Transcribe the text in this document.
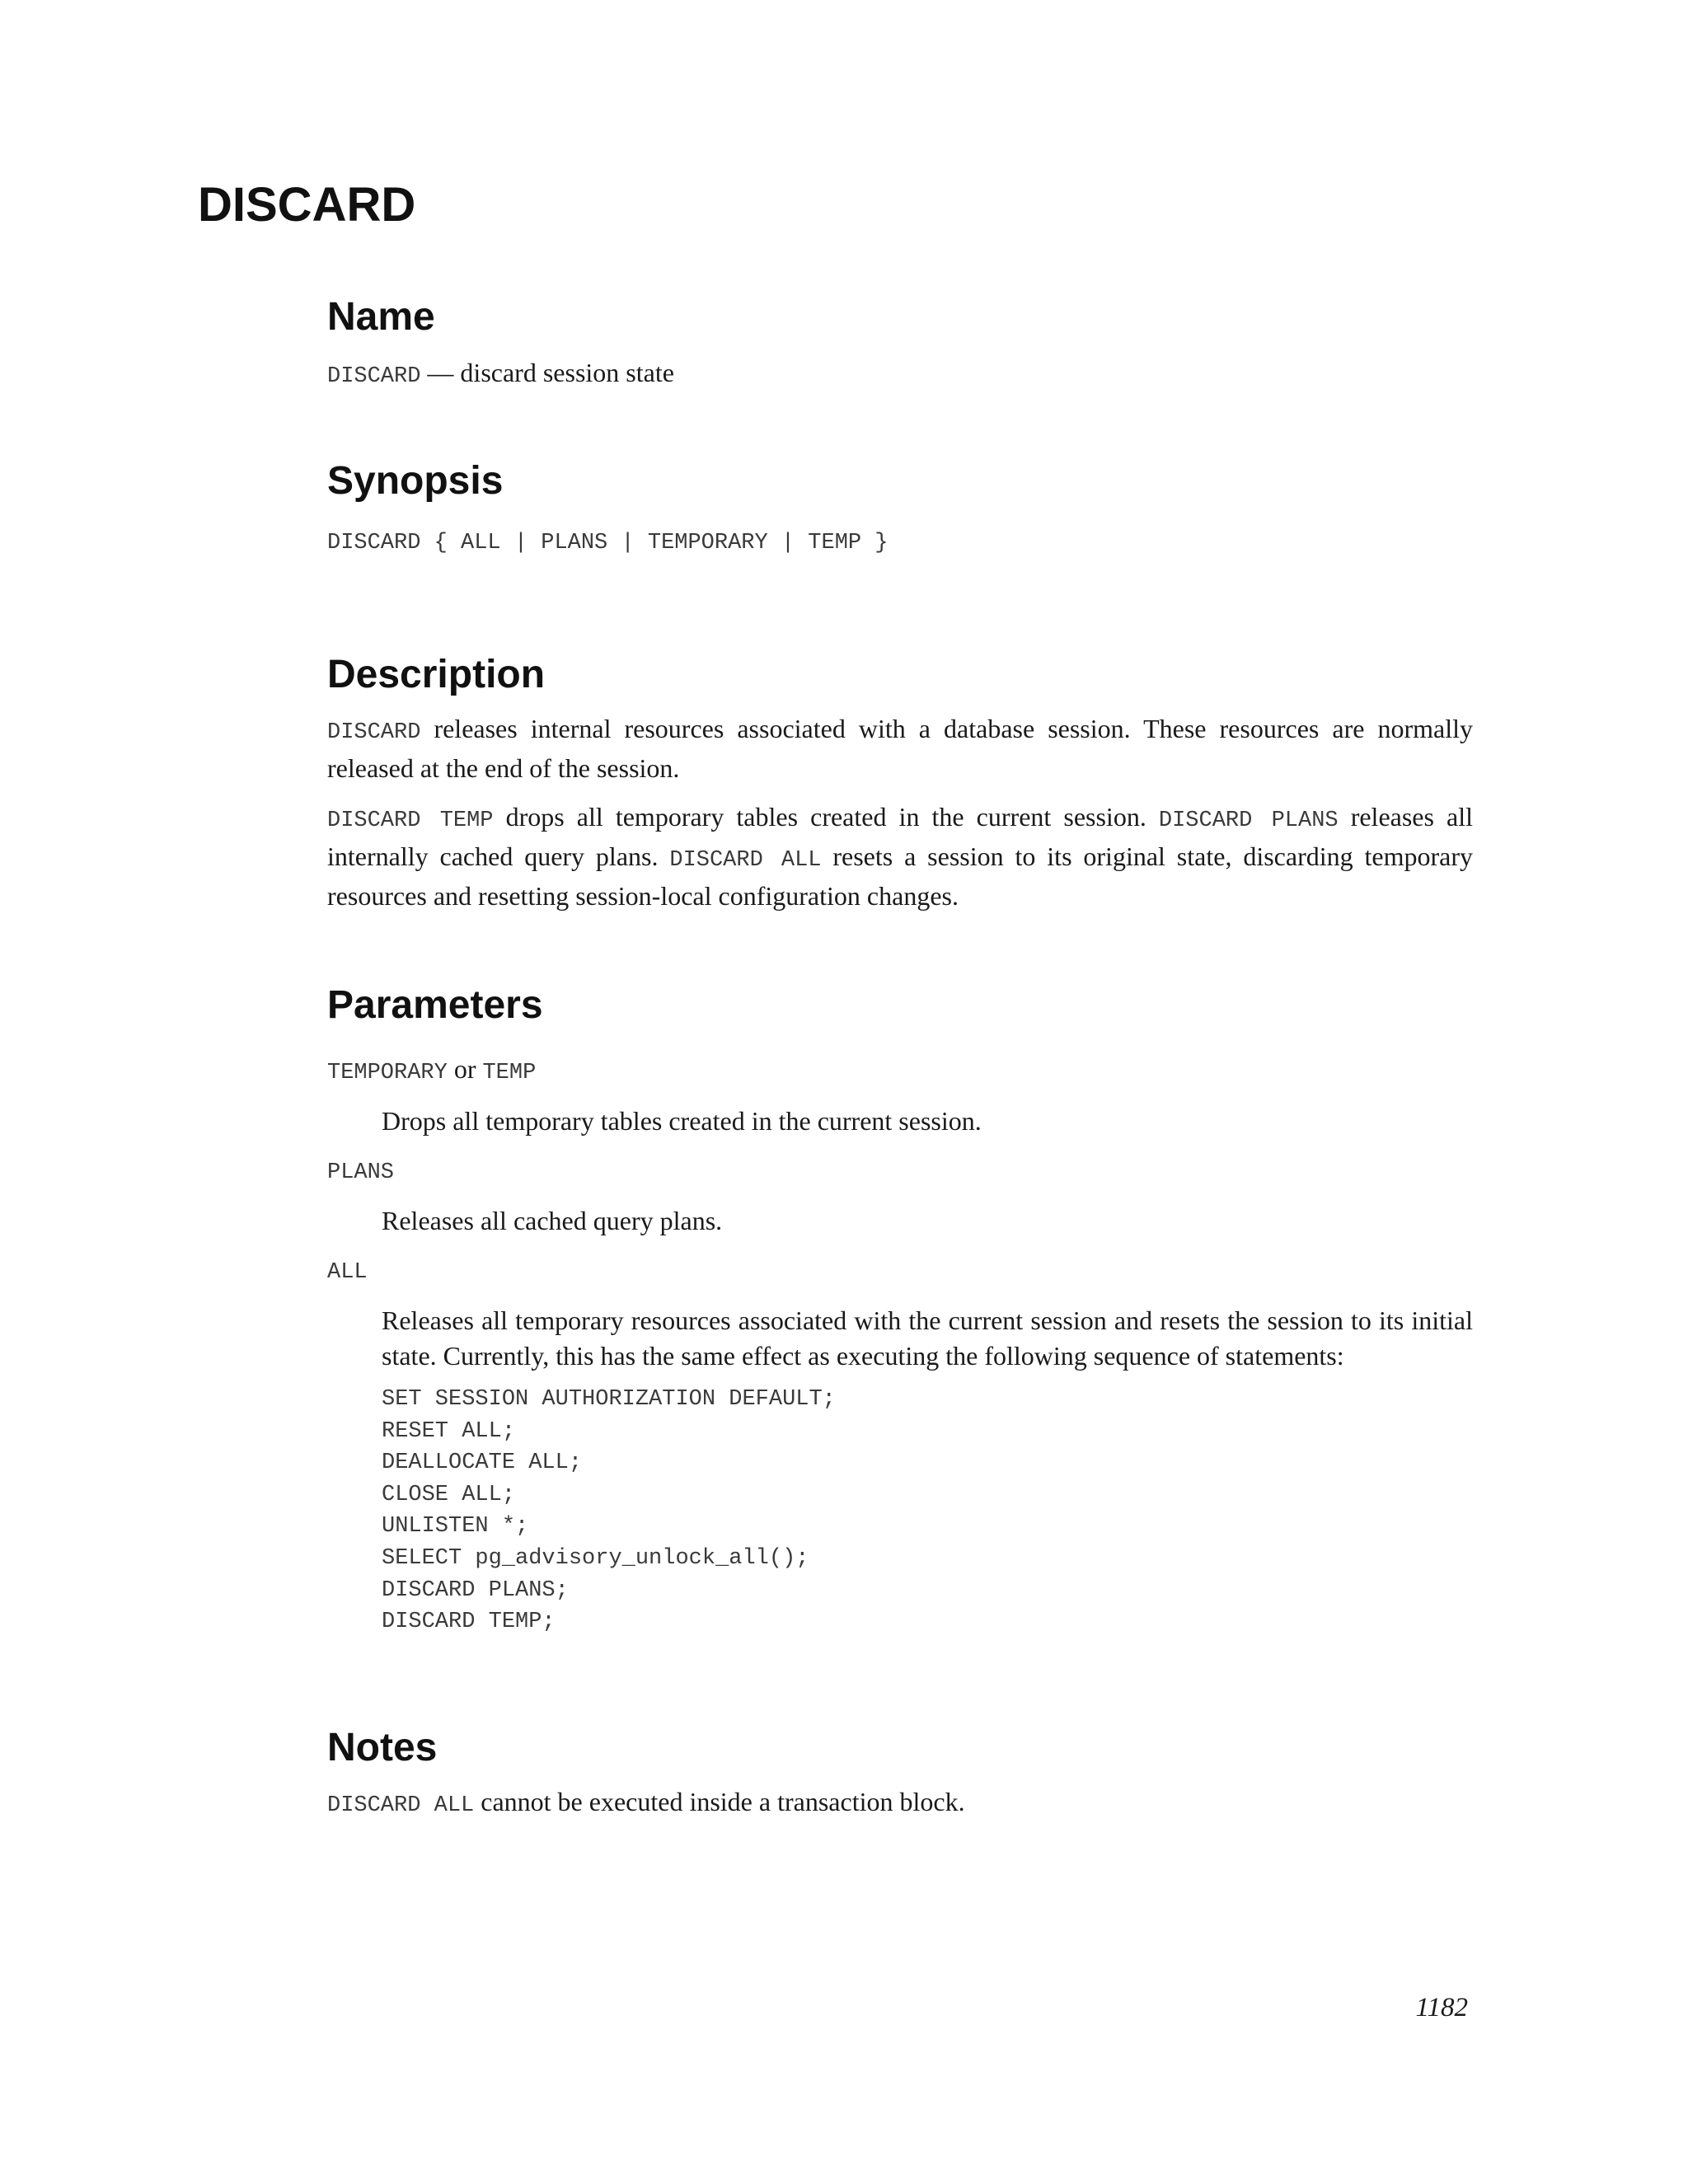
DISCARD
Name

DISCARD — discard session state

Synopsis
DISCARD { ALL | PLANS | TEMPORARY | TEMP }
Description

DISCARD releases internal resources associated with a database session. These resources are normally released at the end of the session.

DISCARD TEMP drops all temporary tables created in the current session. DISCARD PLANS releases all internally cached query plans. DISCARD ALL resets a session to its original state, discarding temporary resources and resetting session-local configuration changes.

Parameters
TEMPORARY or TEMP
Drops all temporary tables created in the current session.
PLANS
Releases all cached query plans.
ALL

Releases all temporary resources associated with the current session and resets the session to its initial state. Currently, this has the same effect as executing the following sequence of statements:

SET SESSION AUTHORIZATION DEFAULT;
RESET ALL;
DEALLOCATE ALL;
CLOSE ALL;
UNLISTEN *;
SELECT pg_advisory_unlock_all();
DISCARD PLANS;
DISCARD TEMP;
Notes

DISCARD ALL cannot be executed inside a transaction block.

1182
